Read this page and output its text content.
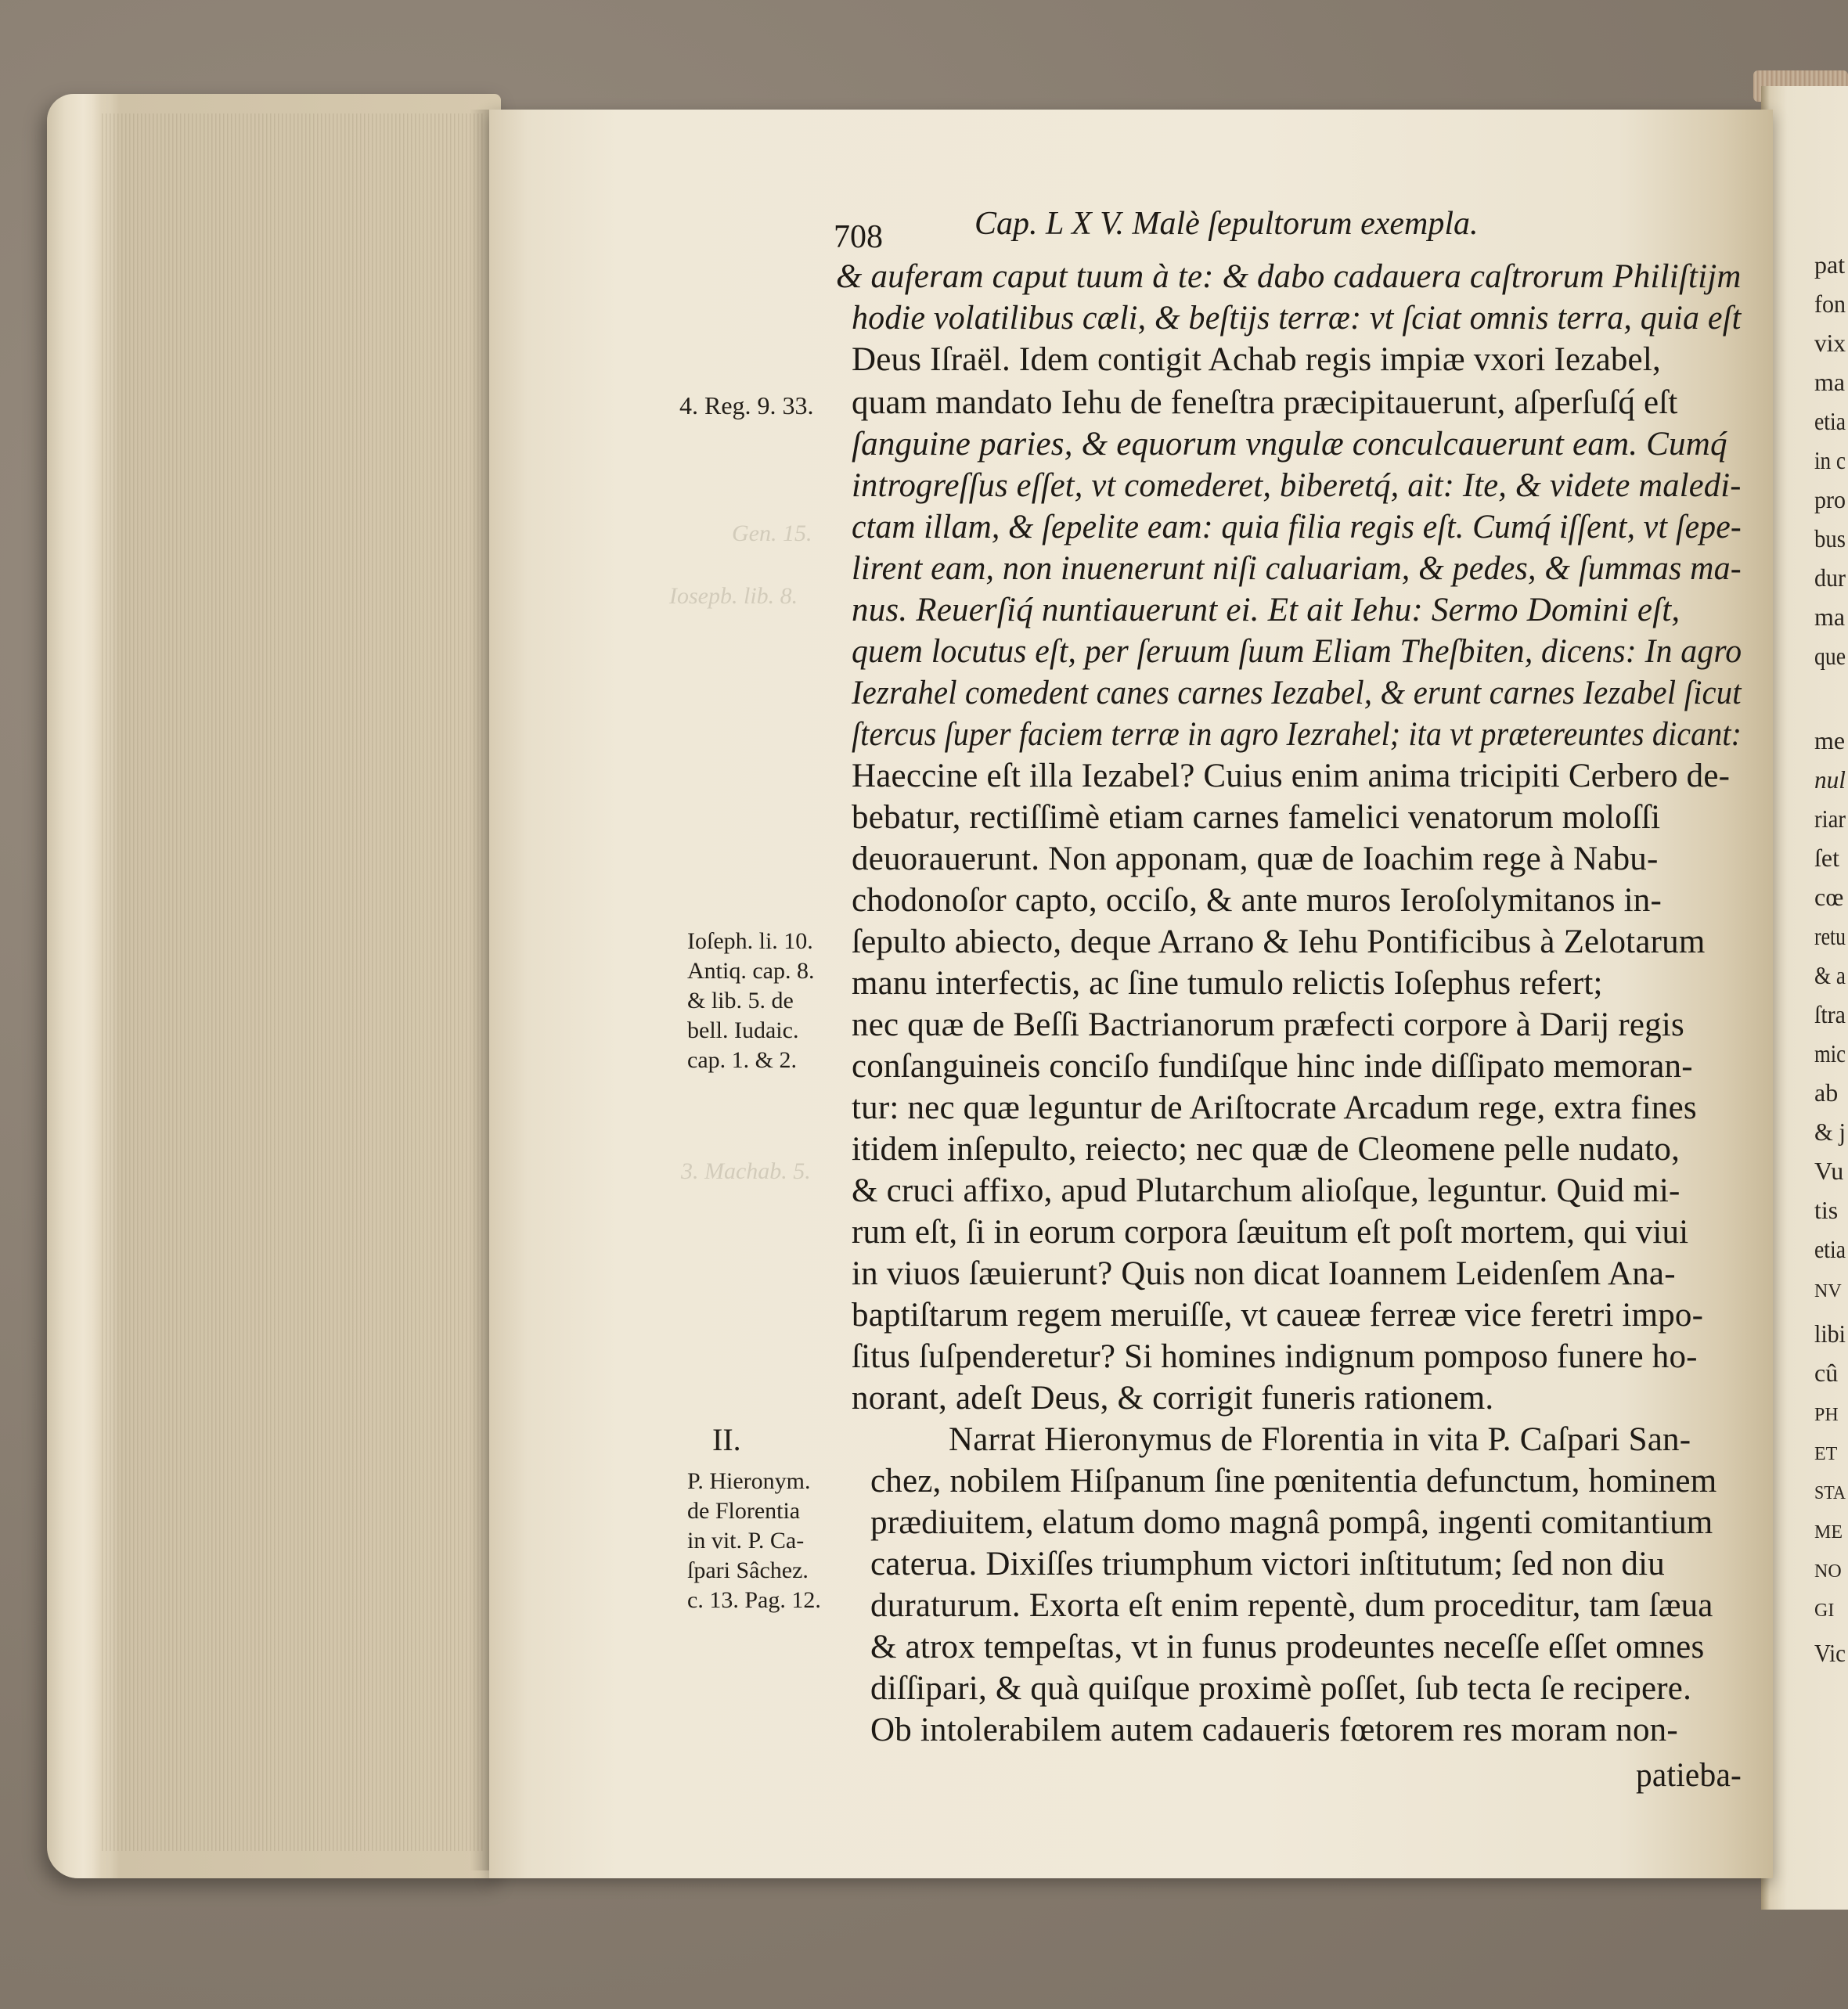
Gen. 15.
Iosepb. lib. 8.
3. Machab. 5.
708	Cap. L X V. Malè ſepultorum exempla.
& auferam caput tuum à te: & dabo cadauera caſtrorum Philiſtijm
hodie volatilibus cæli, & beſtijs terræ: vt ſciat omnis terra, quia eſt
Deus Iſraël. Idem contigit Achab regis impiæ vxori Iezabel,
quam mandato Iehu de feneſtra præcipitauerunt, aſperſuſq́ eſt
ſanguine paries, & equorum vngulæ conculcauerunt eam. Cumq́
introgreſſus eſſet, vt comederet, biberetq́, ait: Ite, & videte maledi-
ctam illam, & ſepelite eam: quia filia regis eſt. Cumq́ iſſent, vt ſepe-
lirent eam, non inuenerunt niſi caluariam, & pedes, & ſummas ma-
nus. Reuerſiq́ nuntiauerunt ei. Et ait Iehu: Sermo Domini eſt,
quem locutus eſt, per ſeruum ſuum Eliam Theſbiten, dicens: In agro
Iezrahel comedent canes carnes Iezabel, & erunt carnes Iezabel ſicut
ſtercus ſuper faciem terræ in agro Iezrahel; ita vt prætereuntes dicant:
Haeccine eſt illa Iezabel? Cuius enim anima tricipiti Cerbero de-
bebatur, rectiſſimè etiam carnes famelici venatorum moloſſi
deuorauerunt. Non apponam, quæ de Ioachim rege à Nabu-
chodonoſor capto, occiſo, & ante muros Ieroſolymitanos in-
ſepulto abiecto, deque Arrano & Iehu Pontificibus à Zelotarum
manu interfectis, ac ſine tumulo relictis Ioſephus refert;
nec quæ de Beſſi Bactrianorum præfecti corpore à Darij regis
conſanguineis conciſo fundiſque hinc inde diſſipato memoran-
tur: nec quæ leguntur de Ariſtocrate Arcadum rege, extra fines
itidem inſepulto, reiecto; nec quæ de Cleomene pelle nudato,
& cruci affixo, apud Plutarchum alioſque, leguntur. Quid mi-
rum eſt, ſi in eorum corpora ſæuitum eſt poſt mortem, qui viui
in viuos ſæuierunt? Quis non dicat Ioannem Leidenſem Ana-
baptiſtarum regem meruiſſe, vt caueæ ferreæ vice feretri impo-
ſitus ſuſpenderetur? Si homines indignum pomposo funere ho-
norant, adeſt Deus, & corrigit funeris rationem.
Narrat Hieronymus de Florentia in vita P. Caſpari San-
chez, nobilem Hiſpanum ſine pœnitentia defunctum, hominem
prædiuitem, elatum domo magnâ pompâ, ingenti comitantium
caterua. Dixiſſes triumphum victori inſtitutum; ſed non diu
duraturum. Exorta eſt enim repentè, dum proceditur, tam ſæua
& atrox tempeſtas, vt in funus prodeuntes neceſſe eſſet omnes
diſſipari, & quà quiſque proximè poſſet, ſub tecta ſe recipere.
Ob intolerabilem autem cadaueris fœtorem res moram non-
patieba-
4. Reg. 9. 33.
Ioſeph. li. 10.
Antiq. cap. 8.
& lib. 5. de
bell. Iudaic.
cap. 1. & 2.
II.
P. Hieronym.
de Florentia
in vit. P. Ca-
ſpari Sâchez.
c. 13. Pag. 12.
pat
fon
vix
ma
etia
in c
pro
bus
dur
ma
que
me
nul
riar
ſet
cœ
retu
& a
ſtra
mic
ab
& j
Vu
tis
etia
NV
libi
cû
PH
ET
STA
ME
NO
GI
Vic
